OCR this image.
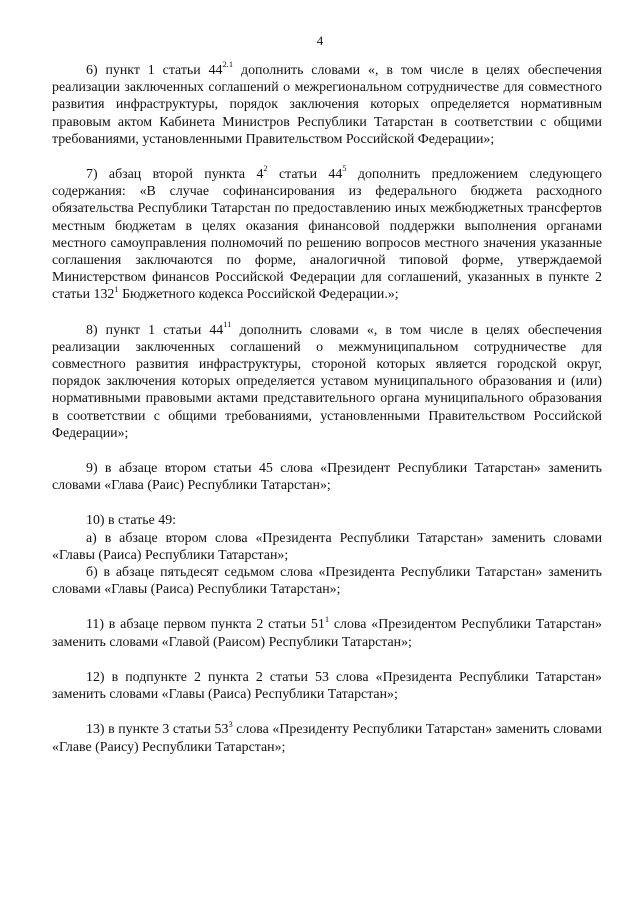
4

6) пункт 1 статьи $44^{2.1}$ дополнить словами «, в том числе в целях обеспечения реализации заключенных соглашений о межрегиональном сотрудничестве для совместного развития инфраструктуры, порядок заключения которых определяется нормативным правовым актом Кабинета Министров Республики Татарстан в соответствии с общими требованиями, установленными Правительством Российской Федерации»;

7) абзац второй пункта $4^2$ статьи $44^5$ дополнить предложением следующего содержания: «В случае софинансирования из федерального бюджета расходного обязательства Республики Татарстан по предоставлению иных межбюджетных трансфертов местным бюджетам в целях оказания финансовой поддержки выполнения органами местного самоуправления полномочий по решению вопросов местного значения указанные соглашения заключаются по форме, аналогичной типовой форме, утверждаемой Министерством финансов Российской Федерации для соглашений, указанных в пункте 2 статьи $132^1$ Бюджетного кодекса Российской Федерации.»;

8) пункт 1 статьи $44^{11}$ дополнить словами «, в том числе в целях обеспечения реализации заключенных соглашений о межмуниципальном сотрудничестве для совместного развития инфраструктуры, стороной которых является городской округ, порядок заключения которых определяется уставом муниципального образования и (или) нормативными правовыми актами представительного органа муниципального образования в соответствии с общими требованиями, установленными Правительством Российской Федерации»;

9) в абзаце втором статьи 45 слова «Президент Республики Татарстан» заменить словами «Глава (Раис) Республики Татарстан»;

10) в статье 49:
а) в абзаце втором слова «Президента Республики Татарстан» заменить словами «Главы (Раиса) Республики Татарстан»;
б) в абзаце пятьдесят седьмом слова «Президента Республики Татарстан» заменить словами «Главы (Раиса) Республики Татарстан»;

11) в абзаце первом пункта 2 статьи $51^1$ слова «Президентом Республики Татарстан» заменить словами «Главой (Раисом) Республики Татарстан»;

12) в подпункте 2 пункта 2 статьи 53 слова «Президента Республики Татарстан» заменить словами «Главы (Раиса) Республики Татарстан»;

13) в пункте 3 статьи $53^3$ слова «Президенту Республики Татарстан» заменить словами «Главе (Раису) Республики Татарстан»;
